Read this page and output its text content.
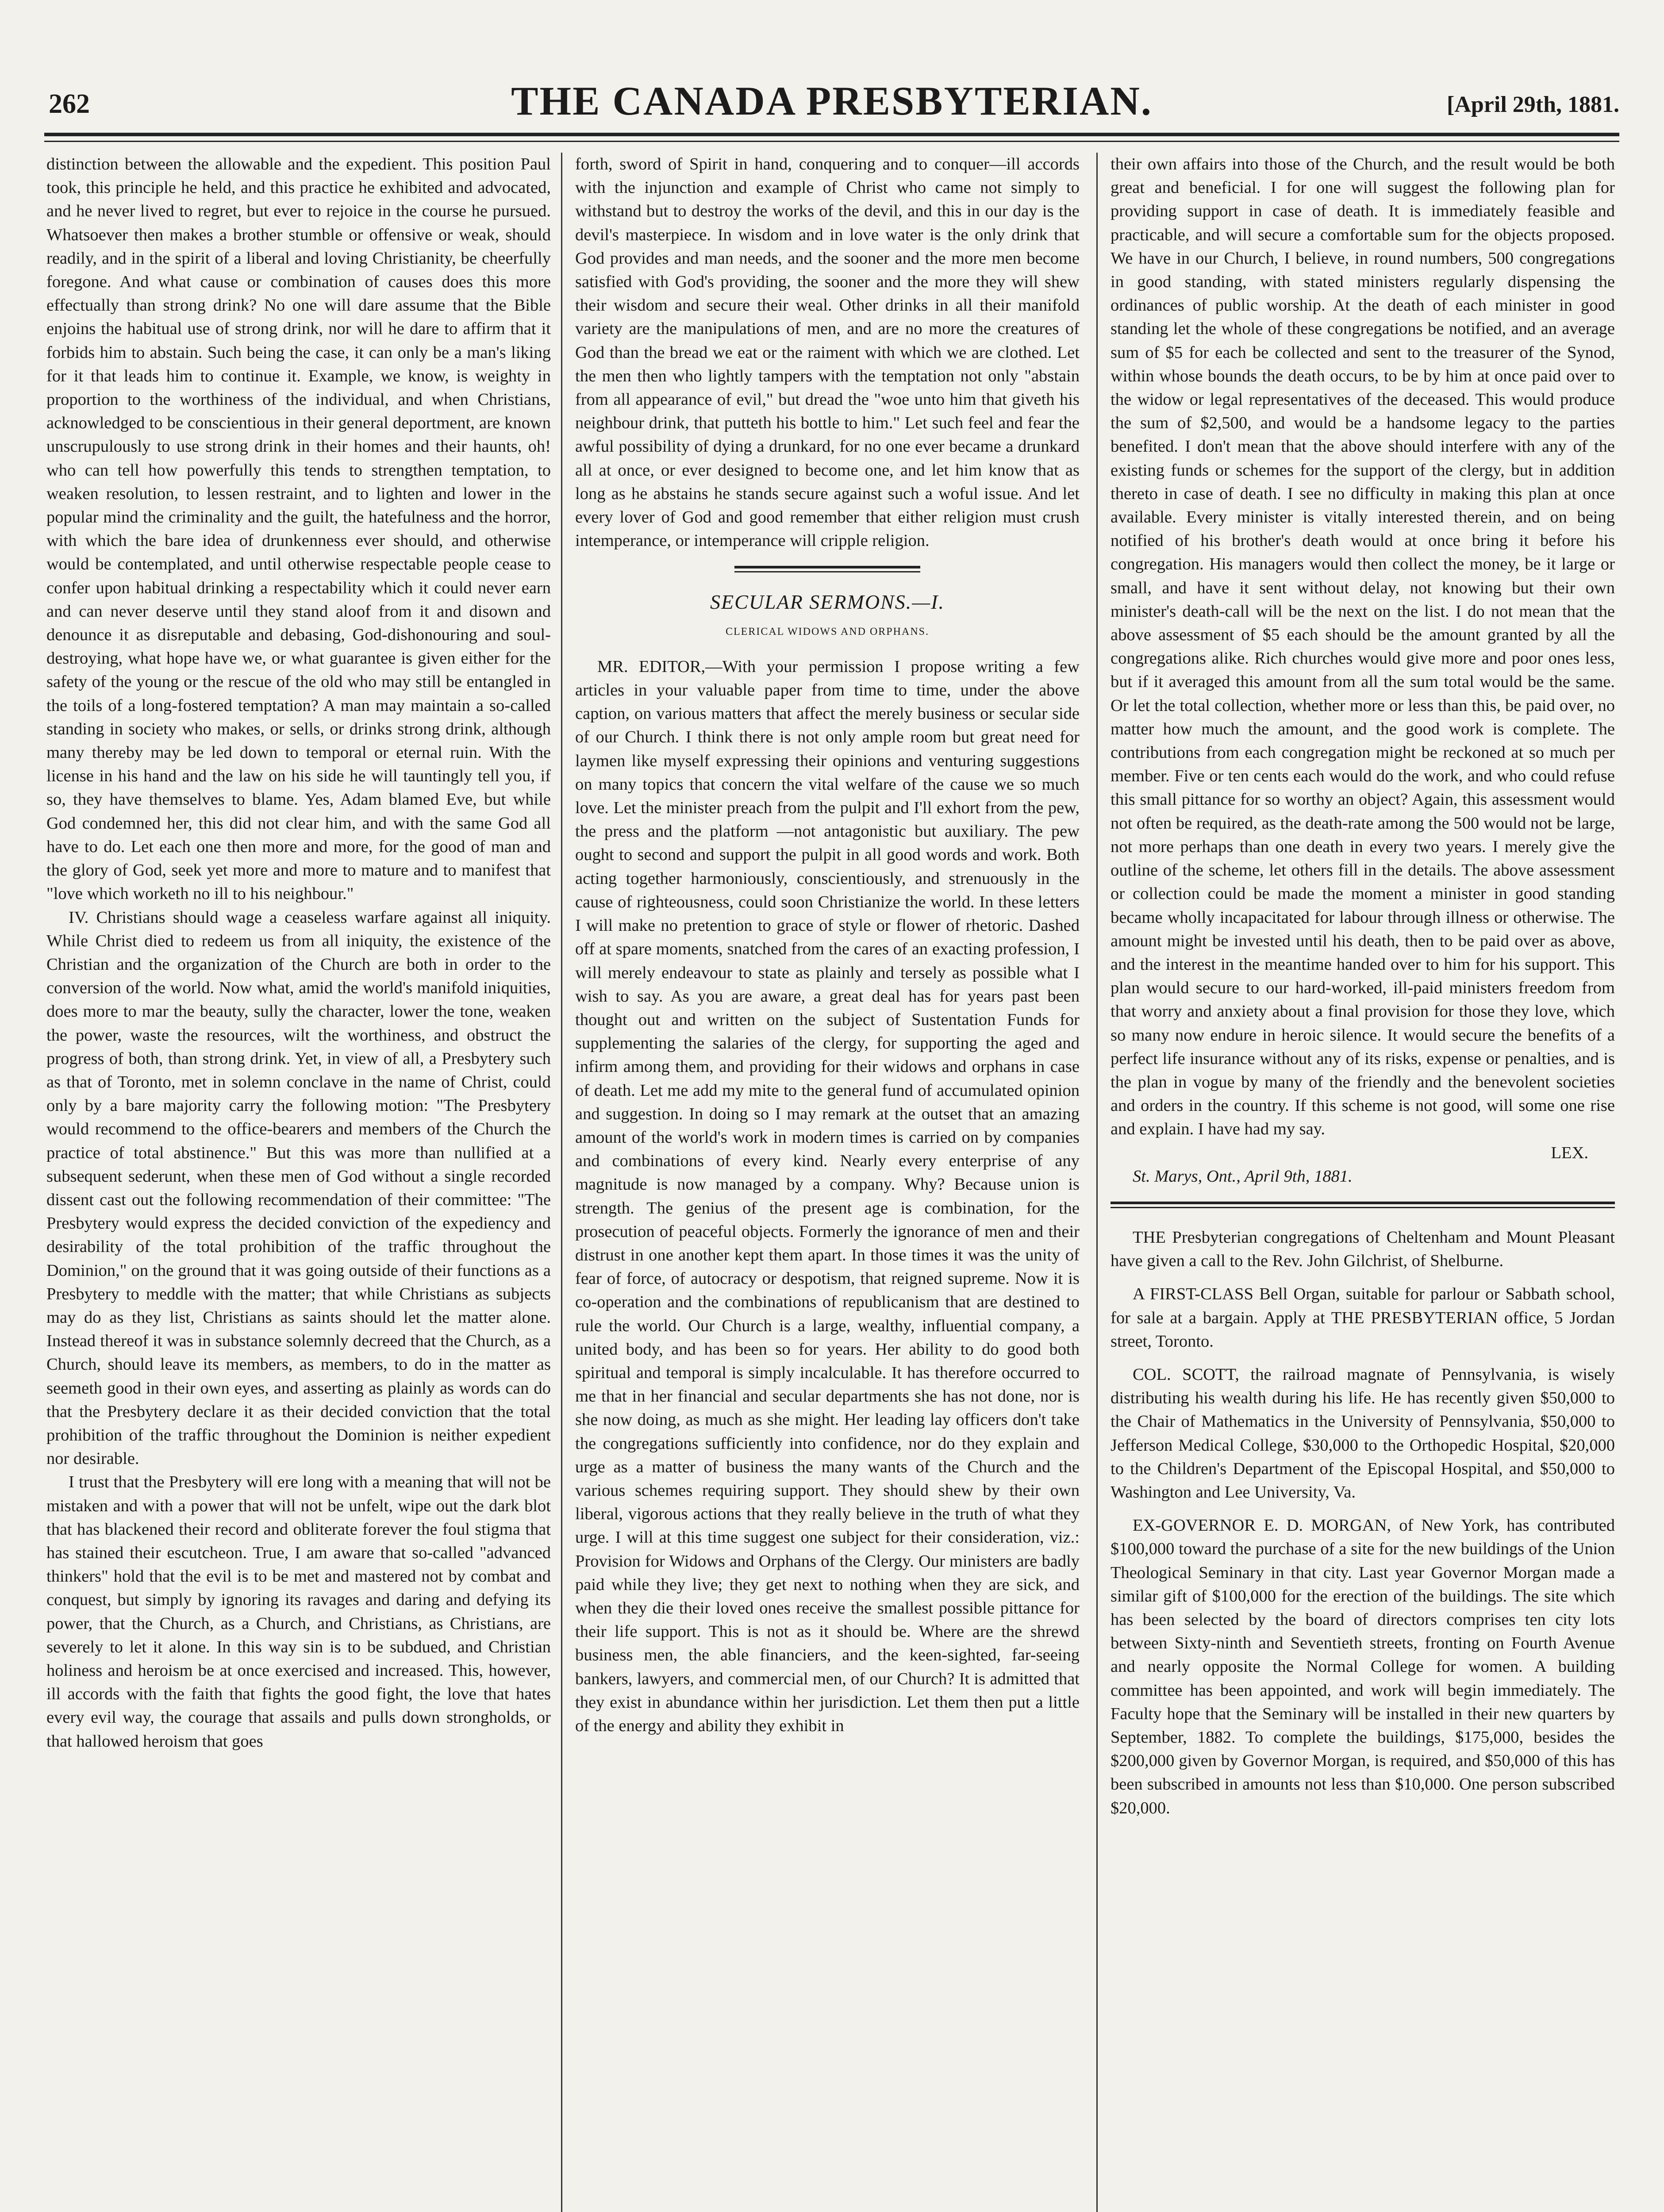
262	THE CANADA PRESBYTERIAN.	[April 29th, 1881.

distinction between the allowable and the expedient. This position Paul took, this principle he held, and this practice he exhibited and advocated, and he never lived to regret, but ever to rejoice in the course he pursued. Whatsoever then makes a brother stumble or offensive or weak, should readily, and in the spirit of a liberal and loving Christianity, be cheerfully foregone. And what cause or combination of causes does this more effectually than strong drink? No one will dare assume that the Bible enjoins the habitual use of strong drink, nor will he dare to affirm that it forbids him to abstain. Such being the case, it can only be a man's liking for it that leads him to continue it. Example, we know, is weighty in proportion to the worthiness of the individual, and when Christians, acknowledged to be conscientious in their general deportment, are known unscrupulously to use strong drink in their homes and their haunts, oh! who can tell how powerfully this tends to strengthen temptation, to weaken resolution, to lessen restraint, and to lighten and lower in the popular mind the criminality and the guilt, the hatefulness and the horror, with which the bare idea of drunkenness ever should, and otherwise would be contemplated, and until otherwise respectable people cease to confer upon habitual drinking a respectability which it could never earn and can never deserve until they stand aloof from it and disown and denounce it as disreputable and debasing, God-dishonouring and soul-destroying, what hope have we, or what guarantee is given either for the safety of the young or the rescue of the old who may still be entangled in the toils of a long-fostered temptation? A man may maintain a so-called standing in society who makes, or sells, or drinks strong drink, although many thereby may be led down to temporal or eternal ruin. With the license in his hand and the law on his side he will tauntingly tell you, if so, they have themselves to blame. Yes, Adam blamed Eve, but while God condemned her, this did not clear him, and with the same God all have to do. Let each one then more and more, for the good of man and the glory of God, seek yet more and more to mature and to manifest that "love which worketh no ill to his neighbour."

IV. Christians should wage a ceaseless warfare against all iniquity. While Christ died to redeem us from all iniquity, the existence of the Christian and the organization of the Church are both in order to the conversion of the world. Now what, amid the world's manifold iniquities, does more to mar the beauty, sully the character, lower the tone, weaken the power, waste the resources, wilt the worthiness, and obstruct the progress of both, than strong drink. Yet, in view of all, a Presbytery such as that of Toronto, met in solemn conclave in the name of Christ, could only by a bare majority carry the following motion: "The Presbytery would recommend to the office-bearers and members of the Church the practice of total abstinence." But this was more than nullified at a subsequent sederunt, when these men of God without a single recorded dissent cast out the following recommendation of their committee: "The Presbytery would express the decided conviction of the expediency and desirability of the total prohibition of the traffic throughout the Dominion," on the ground that it was going outside of their functions as a Presbytery to meddle with the matter; that while Christians as subjects may do as they list, Christians as saints should let the matter alone. Instead thereof it was in substance solemnly decreed that the Church, as a Church, should leave its members, as members, to do in the matter as seemeth good in their own eyes, and asserting as plainly as words can do that the Presbytery declare it as their decided conviction that the total prohibition of the traffic throughout the Dominion is neither expedient nor desirable.

I trust that the Presbytery will ere long with a meaning that will not be mistaken and with a power that will not be unfelt, wipe out the dark blot that has blackened their record and obliterate forever the foul stigma that has stained their escutcheon. True, I am aware that so-called "advanced thinkers" hold that the evil is to be met and mastered not by combat and conquest, but simply by ignoring its ravages and daring and defying its power, that the Church, as a Church, and Christians, as Christians, are severely to let it alone. In this way sin is to be subdued, and Christian holiness and heroism be at once exercised and increased. This, however, ill accords with the faith that fights the good fight, the love that hates every evil way, the courage that assails and pulls down strongholds, or that hallowed heroism that goes

forth, sword of Spirit in hand, conquering and to conquer—ill accords with the injunction and example of Christ who came not simply to withstand but to destroy the works of the devil, and this in our day is the devil's masterpiece. In wisdom and in love water is the only drink that God provides and man needs, and the sooner and the more men become satisfied with God's providing, the sooner and the more they will shew their wisdom and secure their weal. Other drinks in all their manifold variety are the manipulations of men, and are no more the creatures of God than the bread we eat or the raiment with which we are clothed. Let the men then who lightly tampers with the temptation not only "abstain from all appearance of evil," but dread the "woe unto him that giveth his neighbour drink, that putteth his bottle to him." Let such feel and fear the awful possibility of dying a drunkard, for no one ever became a drunkard all at once, or ever designed to become one, and let him know that as long as he abstains he stands secure against such a woful issue. And let every lover of God and good remember that either religion must crush intemperance, or intemperance will cripple religion.

SECULAR SERMONS.—I.
CLERICAL WIDOWS AND ORPHANS.

MR. EDITOR,—With your permission I propose writing a few articles in your valuable paper from time to time, under the above caption, on various matters that affect the merely business or secular side of our Church. I think there is not only ample room but great need for laymen like myself expressing their opinions and venturing suggestions on many topics that concern the vital welfare of the cause we so much love. Let the minister preach from the pulpit and I'll exhort from the pew, the press and the platform —not antagonistic but auxiliary. The pew ought to second and support the pulpit in all good words and work. Both acting together harmoniously, conscientiously, and strenuously in the cause of righteousness, could soon Christianize the world. In these letters I will make no pretention to grace of style or flower of rhetoric. Dashed off at spare moments, snatched from the cares of an exacting profession, I will merely endeavour to state as plainly and tersely as possible what I wish to say. As you are aware, a great deal has for years past been thought out and written on the subject of Sustentation Funds for supplementing the salaries of the clergy, for supporting the aged and infirm among them, and providing for their widows and orphans in case of death. Let me add my mite to the general fund of accumulated opinion and suggestion. In doing so I may remark at the outset that an amazing amount of the world's work in modern times is carried on by companies and combinations of every kind. Nearly every enterprise of any magnitude is now managed by a company. Why? Because union is strength. The genius of the present age is combination, for the prosecution of peaceful objects. Formerly the ignorance of men and their distrust in one another kept them apart. In those times it was the unity of fear of force, of autocracy or despotism, that reigned supreme. Now it is co-operation and the combinations of republicanism that are destined to rule the world. Our Church is a large, wealthy, influential company, a united body, and has been so for years. Her ability to do good both spiritual and temporal is simply incalculable. It has therefore occurred to me that in her financial and secular departments she has not done, nor is she now doing, as much as she might. Her leading lay officers don't take the congregations sufficiently into confidence, nor do they explain and urge as a matter of business the many wants of the Church and the various schemes requiring support. They should shew by their own liberal, vigorous actions that they really believe in the truth of what they urge. I will at this time suggest one subject for their consideration, viz.: Provision for Widows and Orphans of the Clergy. Our ministers are badly paid while they live; they get next to nothing when they are sick, and when they die their loved ones receive the smallest possible pittance for their life support. This is not as it should be. Where are the shrewd business men, the able financiers, and the keen-sighted, far-seeing bankers, lawyers, and commercial men, of our Church? It is admitted that they exist in abundance within her jurisdiction. Let them then put a little of the energy and ability they exhibit in

their own affairs into those of the Church, and the result would be both great and beneficial. I for one will suggest the following plan for providing support in case of death. It is immediately feasible and practicable, and will secure a comfortable sum for the objects proposed. We have in our Church, I believe, in round numbers, 500 congregations in good standing, with stated ministers regularly dispensing the ordinances of public worship. At the death of each minister in good standing let the whole of these congregations be notified, and an average sum of $5 for each be collected and sent to the treasurer of the Synod, within whose bounds the death occurs, to be by him at once paid over to the widow or legal representatives of the deceased. This would produce the sum of $2,500, and would be a handsome legacy to the parties benefited. I don't mean that the above should interfere with any of the existing funds or schemes for the support of the clergy, but in addition thereto in case of death. I see no difficulty in making this plan at once available. Every minister is vitally interested therein, and on being notified of his brother's death would at once bring it before his congregation. His managers would then collect the money, be it large or small, and have it sent without delay, not knowing but their own minister's death-call will be the next on the list. I do not mean that the above assessment of $5 each should be the amount granted by all the congregations alike. Rich churches would give more and poor ones less, but if it averaged this amount from all the sum total would be the same. Or let the total collection, whether more or less than this, be paid over, no matter how much the amount, and the good work is complete. The contributions from each congregation might be reckoned at so much per member. Five or ten cents each would do the work, and who could refuse this small pittance for so worthy an object? Again, this assessment would not often be required, as the death-rate among the 500 would not be large, not more perhaps than one death in every two years. I merely give the outline of the scheme, let others fill in the details. The above assessment or collection could be made the moment a minister in good standing became wholly incapacitated for labour through illness or otherwise. The amount might be invested until his death, then to be paid over as above, and the interest in the meantime handed over to him for his support. This plan would secure to our hard-worked, ill-paid ministers freedom from that worry and anxiety about a final provision for those they love, which so many now endure in heroic silence. It would secure the benefits of a perfect life insurance without any of its risks, expense or penalties, and is the plan in vogue by many of the friendly and the benevolent societies and orders in the country. If this scheme is not good, will some one rise and explain. I have had my say.

LEX.
St. Marys, Ont., April 9th, 1881.

THE Presbyterian congregations of Cheltenham and Mount Pleasant have given a call to the Rev. John Gilchrist, of Shelburne.

A FIRST-CLASS Bell Organ, suitable for parlour or Sabbath school, for sale at a bargain. Apply at THE PRESBYTERIAN office, 5 Jordan street, Toronto.

COL. SCOTT, the railroad magnate of Pennsylvania, is wisely distributing his wealth during his life. He has recently given $50,000 to the Chair of Mathematics in the University of Pennsylvania, $50,000 to Jefferson Medical College, $30,000 to the Orthopedic Hospital, $20,000 to the Children's Department of the Episcopal Hospital, and $50,000 to Washington and Lee University, Va.

EX-GOVERNOR E. D. MORGAN, of New York, has contributed $100,000 toward the purchase of a site for the new buildings of the Union Theological Seminary in that city. Last year Governor Morgan made a similar gift of $100,000 for the erection of the buildings. The site which has been selected by the board of directors comprises ten city lots between Sixty-ninth and Seventieth streets, fronting on Fourth Avenue and nearly opposite the Normal College for women. A building committee has been appointed, and work will begin immediately. The Faculty hope that the Seminary will be installed in their new quarters by September, 1882. To complete the buildings, $175,000, besides the $200,000 given by Governor Morgan, is required, and $50,000 of this has been subscribed in amounts not less than $10,000. One person subscribed $20,000.
